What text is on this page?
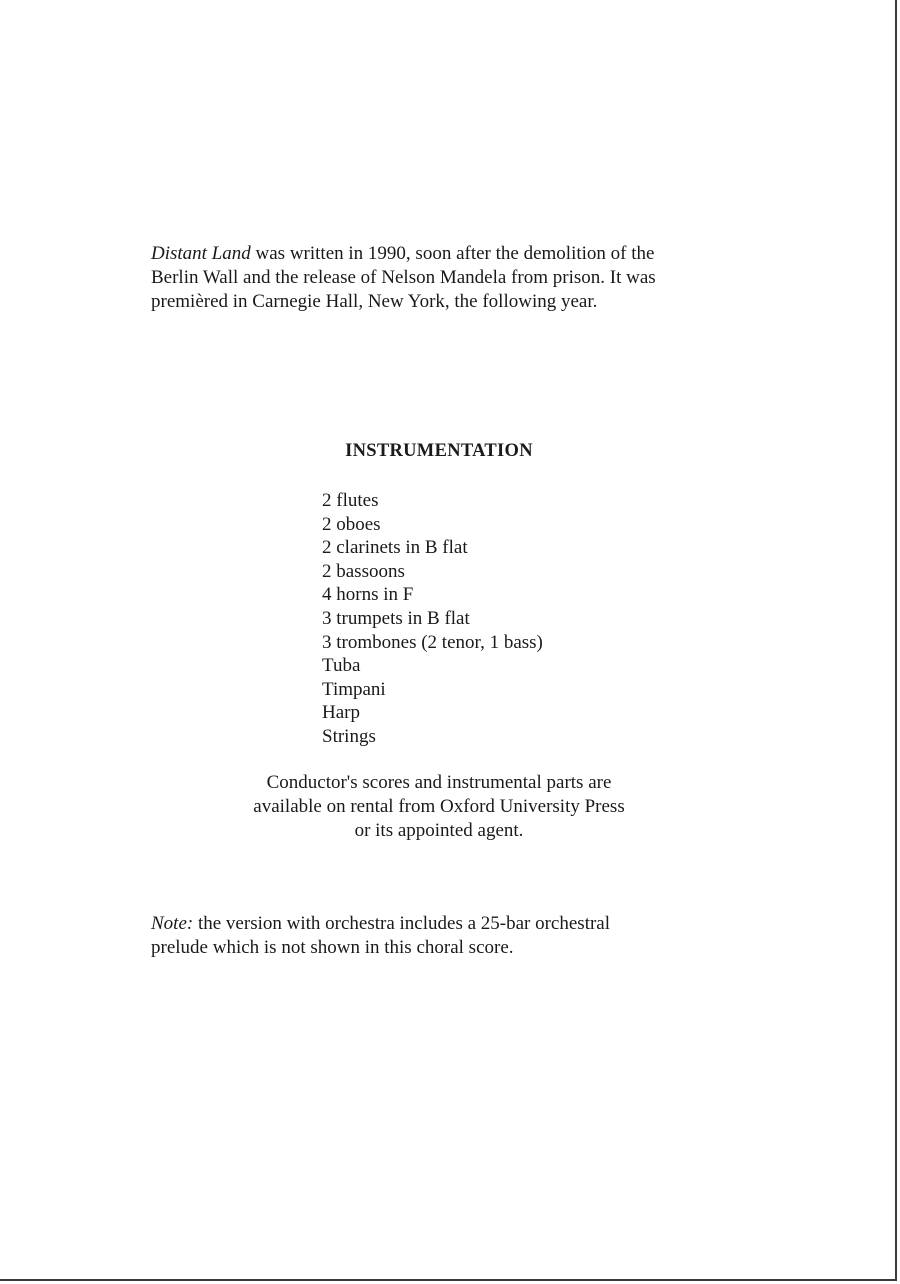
Distant Land was written in 1990, soon after the demolition of the
Berlin Wall and the release of Nelson Mandela from prison. It was
premièred in Carnegie Hall, New York, the following year.
INSTRUMENTATION
2 flutes
2 oboes
2 clarinets in B flat
2 bassoons
4 horns in F
3 trumpets in B flat
3 trombones (2 tenor, 1 bass)
Tuba
Timpani
Harp
Strings
Conductor's scores and instrumental parts are
available on rental from Oxford University Press
or its appointed agent.
Note: the version with orchestra includes a 25-bar orchestral
prelude which is not shown in this choral score.
